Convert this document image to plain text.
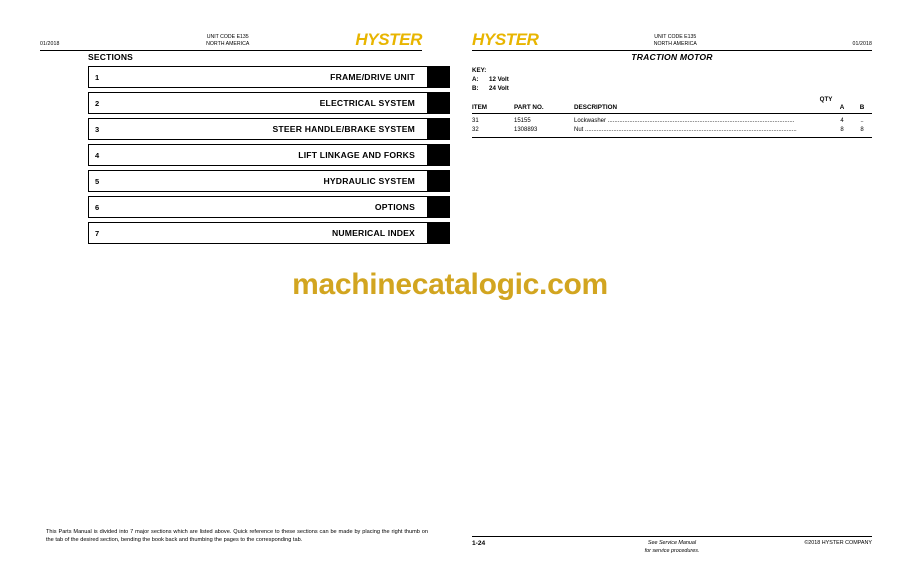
01/2018
UNIT CODE E135
NORTH AMERICA	HYSTER
SECTIONS
1	FRAME/DRIVE UNIT
2	ELECTRICAL SYSTEM
3	STEER HANDLE/BRAKE SYSTEM
4	LIFT LINKAGE AND FORKS
5	HYDRAULIC SYSTEM
6	OPTIONS
7	NUMERICAL INDEX
This Parts Manual is divided into 7 major sections which are listed above. Quick reference to these sections can be made by placing the right thumb on the tab of the desired section, bending the book back and thumbing the pages to the corresponding tab.
HYSTER	UNIT CODE E135
NORTH AMERICA	01/2018
TRACTION MOTOR
KEY:
A:	12 Volt
B:	24 Volt
QTY
ITEM	PART NO.	DESCRIPTION	A	B
31	15155	Lockwasher ................................................................................................................	4	..
32	1308893	Nut ...............................................................................................................................	8	8
1-24	See Service Manual
for service procedures.
©2018 HYSTER COMPANY
machinecatalogic.com
